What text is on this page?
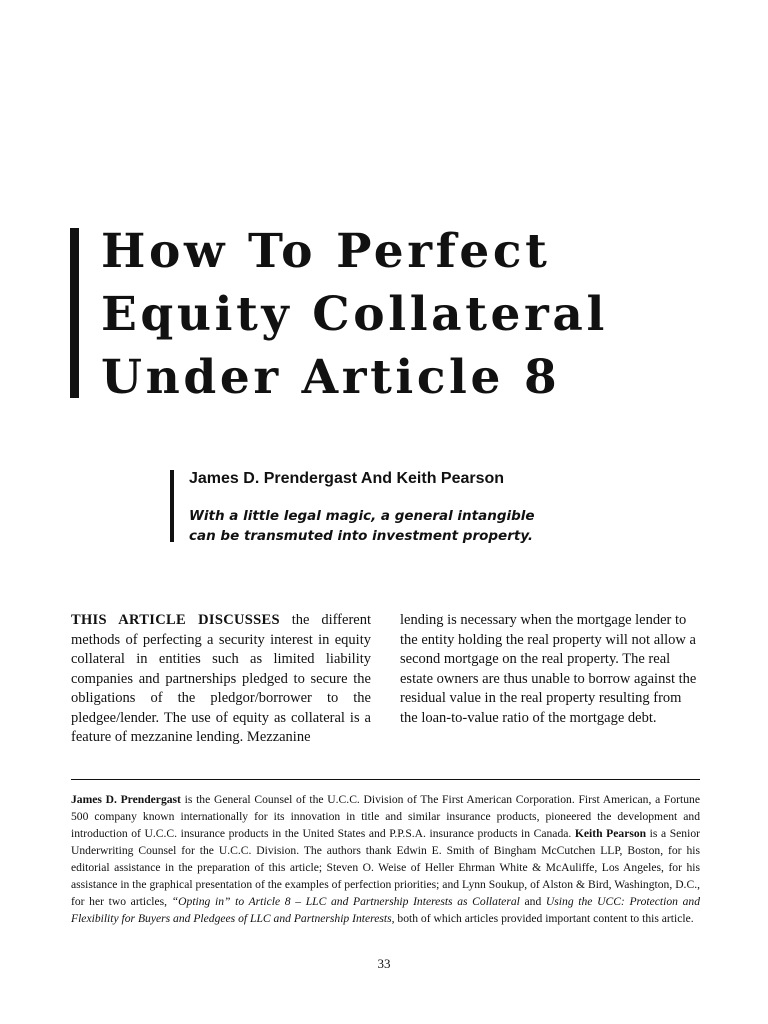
How To Perfect
Equity Collateral
Under Article 8
James D. Prendergast And Keith Pearson
With a little legal magic, a general intangible
can be transmuted into investment property.
THIS ARTICLE DISCUSSES the different methods of perfecting a security interest in equity collateral in entities such as limited liability companies and partnerships pledged to secure the obligations of the pledgor/borrower to the pledgee/lender. The use of equity as collateral is a feature of mezzanine lending. Mezzanine
lending is necessary when the mortgage lender to the entity holding the real property will not allow a second mortgage on the real property. The real estate owners are thus unable to borrow against the residual value in the real property resulting from the loan-to-value ratio of the mortgage debt.
James D. Prendergast is the General Counsel of the U.C.C. Division of The First American Corporation. First American, a Fortune 500 company known internationally for its innovation in title and similar insurance products, pioneered the development and introduction of U.C.C. insurance products in the United States and P.P.S.A. insurance products in Canada. Keith Pearson is a Senior Underwriting Counsel for the U.C.C. Division. The authors thank Edwin E. Smith of Bingham McCutchen LLP, Boston, for his editorial assistance in the preparation of this article; Steven O. Weise of Heller Ehrman White & McAuliffe, Los Angeles, for his assistance in the graphical presentation of the examples of perfection priorities; and Lynn Soukup, of Alston & Bird, Washington, D.C., for her two articles, “Opting in” to Article 8 – LLC and Partnership Interests as Collateral and Using the UCC: Protection and Flexibility for Buyers and Pledgees of LLC and Partnership Interests, both of which articles provided important content to this article.
33
